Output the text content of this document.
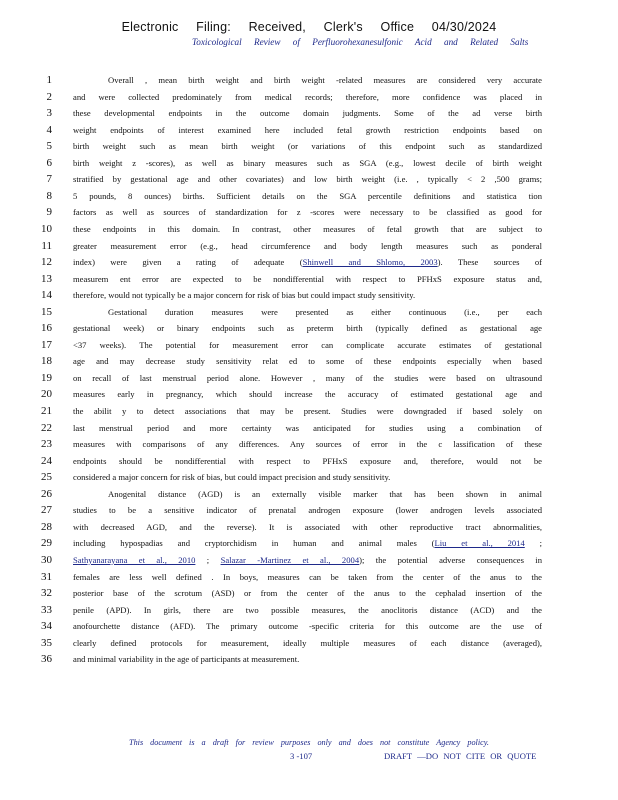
Electronic Filing: Received, Clerk's Office 04/30/2024
Toxicological Review of Perfluorohexanesulfonic Acid and Related Salts
1	Overall , mean birth weight and birth weight -related measures are considered very accurate
2 and were collected predominately from medical records; therefore, more confidence was placed in
3 these developmental endpoints in the outcome domain judgments. Some of the ad verse birth
4 weight endpoints of interest examined here included fetal growth restriction endpoints based on
5 birth weight such as mean birth weight (or variations of this endpoint such as standardized
6 birth weight z -scores), as well as binary measures such as SGA (e.g., lowest decile of birth weight
7 stratified by gestational age and other covariates) and low birth weight (i.e. , typically < 2 ,500 grams;
8 5 pounds, 8 ounces) births. Sufficient details on the SGA percentile definitions and statistica tion
9 factors as well as sources of standardization for z -scores were necessary to be classified as good for
10 these endpoints in this domain. In contrast, other measures of fetal growth that are subject to
11 greater measurement error (e.g., head circumference and body length measures such as ponderal
12 index) were given a rating of adequate (Shinwell and Shlomo, 2003). These sources of
13 measurem ent error are expected to be nondifferential with respect to PFHxS exposure status and,
14 therefore, would not typically be a major concern for risk of bias but could impact study sensitivity.
15	Gestational duration measures were presented as either continuous (i.e., per each
16 gestational week) or binary endpoints such as preterm birth (typically defined as gestational age
17 <37 weeks). The potential for measurement error can complicate accurate estimates of gestational
18 age and may decrease study sensitivity relat ed to some of these endpoints especially when based
19 on recall of last menstrual period alone. However , many of the studies were based on ultrasound
20 measures early in pregnancy, which should increase the accuracy of estimated gestational age and
21 the abilit y to detect associations that may be present. Studies were downgraded if based solely on
22 last menstrual period and more certainty was anticipated for studies using a combination of
23 measures with comparisons of any differences. Any sources of error in the c lassification of these
24 endpoints should be nondifferential with respect to PFHxS exposure and, therefore, would not be
25 considered a major concern for risk of bias, but could impact precision and study sensitivity.
26	Anogenital distance (AGD) is an externally visible marker that has been shown in animal
27 studies to be a sensitive indicator of prenatal androgen exposure (lower androgen levels associated
28 with decreased AGD, and the reverse). It is associated with other reproductive tract abnormalities,
29 including hypospadias and cryptorchidism in human and animal males (Liu et al., 2014 ;
30 Sathyanarayana et al., 2010 ; Salazar -Martinez et al., 2004); the potential adverse consequences in
31 females are less well defined . In boys, measures can be taken from the center of the anus to the
32 posterior base of the scrotum (ASD) or from the center of the anus to the cephalad insertion of the
33 penile (APD). In girls, there are two possible measures, the anoclitoris distance (ACD) and the
34 anofourchette distance (AFD). The primary outcome -specific criteria for this outcome are the use of
35 clearly defined protocols for measurement, ideally multiple measures of each distance (averaged),
36 and minimal variability in the age of participants at measurement.
This document is a draft for review purposes only and does not constitute Agency policy.
3 -107	DRAFT —DO NOT CITE OR QUOTE
